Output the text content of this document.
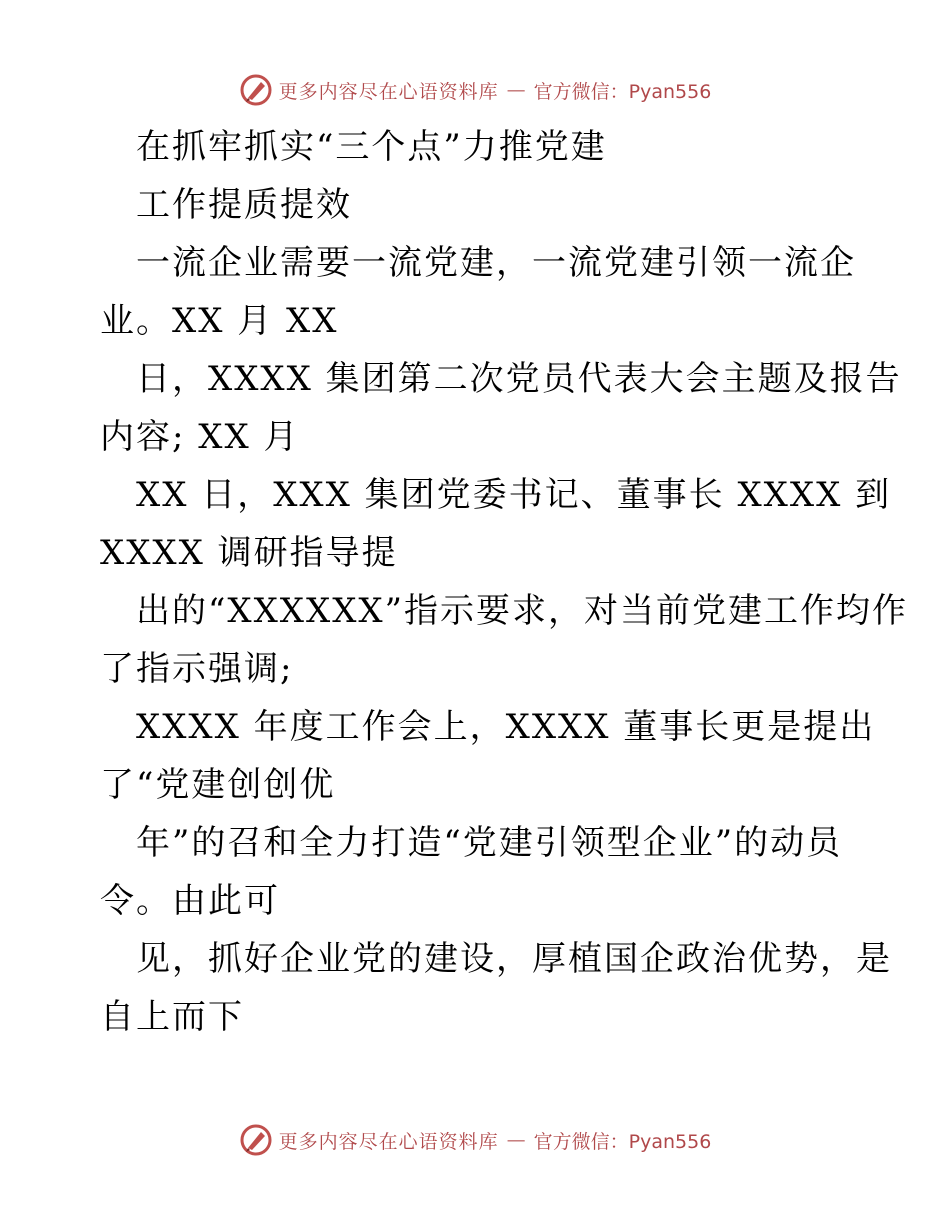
更多内容尽在心语资料库 — 官方微信：Pyan556
在抓牢抓实“三个点”力推党建
工作提质提效
一流企业需要一流党建，一流党建引领一流企
业。XX 月 XX
日，XXXX 集团第二次党员代表大会主题及报告
内容; XX 月
XX 日，XXX 集团党委书记、董事长 XXXX 到
XXXX 调研指导提
出的“XXXXXX”指示要求，对当前党建工作均作
了指示强调;
XXXX 年度工作会上，XXXX 董事长更是提出
了“党建创创优
年”的召和全力打造“党建引领型企业”的动员
令。由此可
见，抓好企业党的建设，厚植国企政治优势，是
自上而下
更多内容尽在心语资料库 — 官方微信：Pyan556
